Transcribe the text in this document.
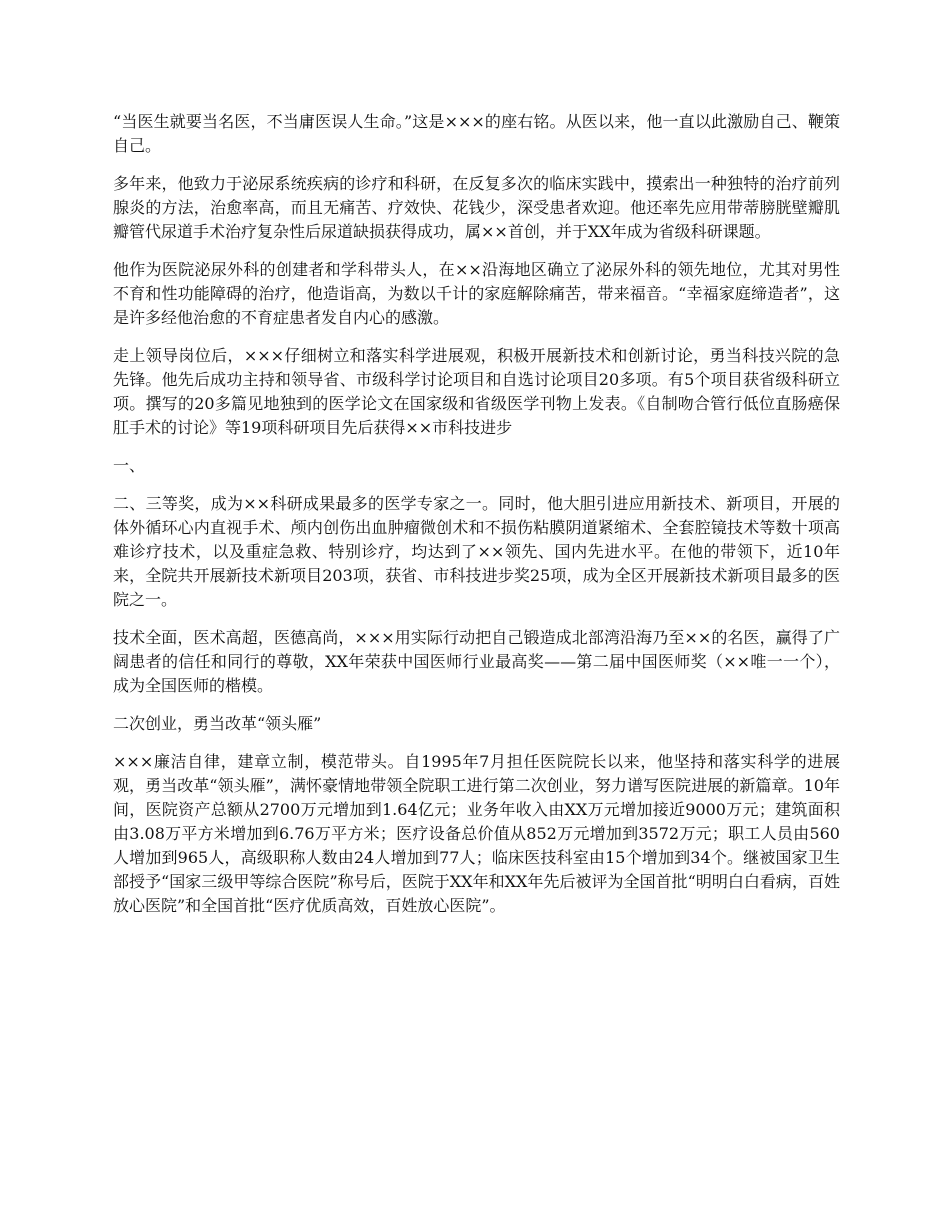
“当医生就要当名医，不当庸医误人生命。”这是×××的座右铭。从医以来，他一直以此激励自己、鞭策自己。

多年来，他致力于泌尿系统疾病的诊疗和科研，在反复多次的临床实践中，摸索出一种独特的治疗前列腺炎的方法，治愈率高，而且无痛苦、疗效快、花钱少，深受患者欢迎。他还率先应用带蒂膀胱壁瓣肌瓣管代尿道手术治疗复杂性后尿道缺损获得成功，属××首创，并于XX年成为省级科研课题。

他作为医院泌尿外科的创建者和学科带头人，在××沿海地区确立了泌尿外科的领先地位，尤其对男性不育和性功能障碍的治疗，他造诣高，为数以千计的家庭解除痛苦，带来福音。“幸福家庭缔造者”，这是许多经他治愈的不育症患者发自内心的感激。

走上领导岗位后，×××仔细树立和落实科学进展观，积极开展新技术和创新讨论，勇当科技兴院的急先锋。他先后成功主持和领导省、市级科学讨论项目和自选讨论项目20多项。有5个项目获省级科研立项。撰写的20多篇见地独到的医学论文在国家级和省级医学刊物上发表。《自制吻合管行低位直肠癌保肛手术的讨论》等19项科研项目先后获得××市科技进步

一、

二、三等奖，成为××科研成果最多的医学专家之一。同时，他大胆引进应用新技术、新项目，开展的体外循环心内直视手术、颅内创伤出血肿瘤微创术和不损伤粘膜阴道紧缩术、全套腔镜技术等数十项高难诊疗技术，以及重症急救、特别诊疗，均达到了××领先、国内先进水平。在他的带领下，近10年来，全院共开展新技术新项目203项，获省、市科技进步奖25项，成为全区开展新技术新项目最多的医院之一。

技术全面，医术高超，医德高尚，×××用实际行动把自己锻造成北部湾沿海乃至××的名医，赢得了广阔患者的信任和同行的尊敬，XX年荣获中国医师行业最高奖——第二届中国医师奖（××唯一一个），成为全国医师的楷模。

二次创业，勇当改革“领头雁”

×××廉洁自律，建章立制，模范带头。自1995年7月担任医院院长以来，他坚持和落实科学的进展观，勇当改革“领头雁”，满怀豪情地带领全院职工进行第二次创业，努力谱写医院进展的新篇章。10年间，医院资产总额从2700万元增加到1.64亿元；业务年收入由XX万元增加接近9000万元；建筑面积由3.08万平方米增加到6.76万平方米；医疗设备总价值从852万元增加到3572万元；职工人员由560人增加到965人，高级职称人数由24人增加到77人；临床医技科室由15个增加到34个。继被国家卫生部授予“国家三级甲等综合医院”称号后，医院于XX年和XX年先后被评为全国首批“明明白白看病，百姓放心医院”和全国首批“医疗优质高效，百姓放心医院”。
